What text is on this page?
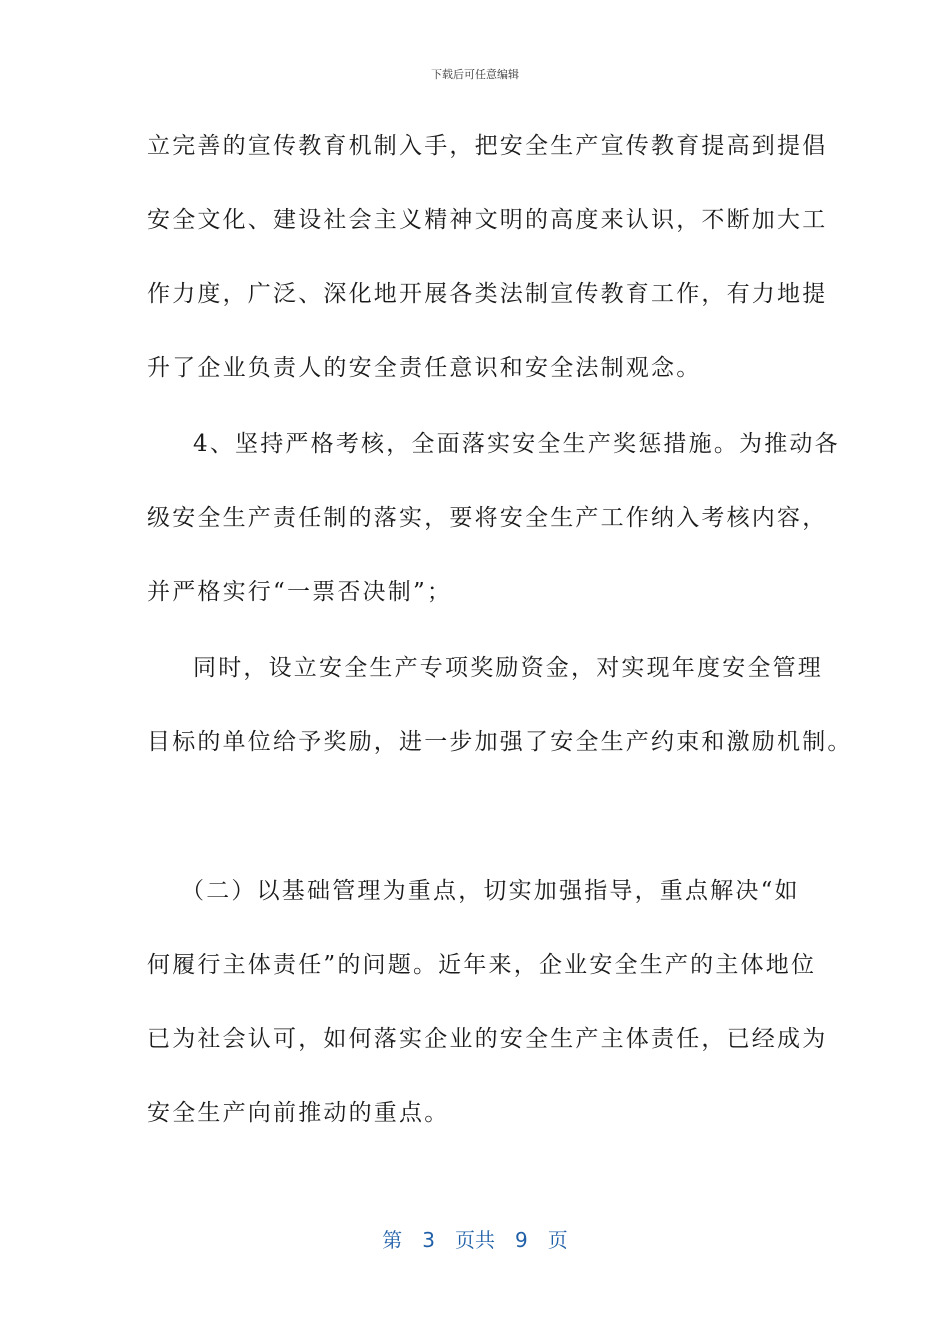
下载后可任意编辑
立完善的宣传教育机制入手，把安全生产宣传教育提高到提倡
安全文化、建设社会主义精神文明的高度来认识，不断加大工
作力度，广泛、深化地开展各类法制宣传教育工作，有力地提
升了企业负责人的安全责任意识和安全法制观念。
4、坚持严格考核，全面落实安全生产奖惩措施。为推动各
级安全生产责任制的落实，要将安全生产工作纳入考核内容，
并严格实行“一票否决制”；
同时，设立安全生产专项奖励资金，对实现年度安全管理
目标的单位给予奖励，进一步加强了安全生产约束和激励机制。
（二）以基础管理为重点，切实加强指导，重点解决“如
何履行主体责任”的问题。近年来，企业安全生产的主体地位
已为社会认可，如何落实企业的安全生产主体责任，已经成为
安全生产向前推动的重点。
第 3 页共 9 页
